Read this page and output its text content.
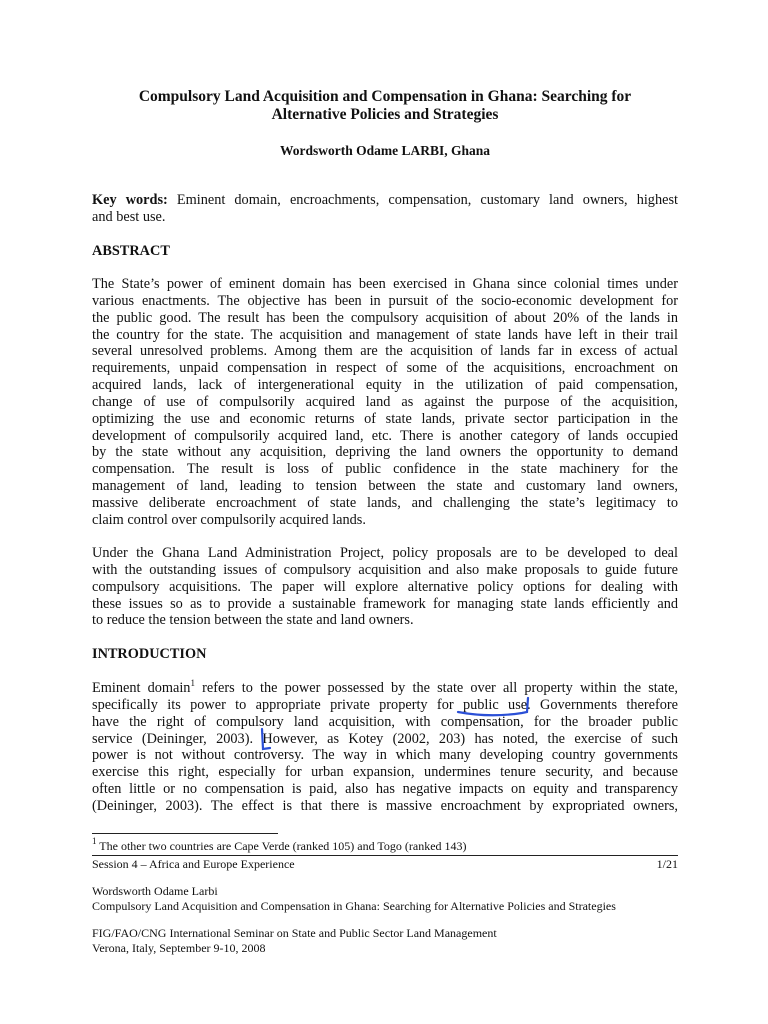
Compulsory Land Acquisition and Compensation in Ghana: Searching for
Alternative Policies and Strategies
Wordsworth Odame LARBI, Ghana
Key words: Eminent domain, encroachments, compensation, customary land owners, highest
and best use.
ABSTRACT
The State’s power of eminent domain has been exercised in Ghana since colonial times under
various enactments. The objective has been in pursuit of the socio-economic development for
the public good. The result has been the compulsory acquisition of about 20% of the lands in
the country for the state. The acquisition and management of state lands have left in their trail
several unresolved problems. Among them are the acquisition of lands far in excess of actual
requirements, unpaid compensation in respect of some of the acquisitions, encroachment on
acquired lands, lack of intergenerational equity in the utilization of paid compensation,
change of use of compulsorily acquired land as against the purpose of the acquisition,
optimizing the use and economic returns of state lands, private sector participation in the
development of compulsorily acquired land, etc. There is another category of lands occupied
by the state without any acquisition, depriving the land owners the opportunity to demand
compensation. The result is loss of public confidence in the state machinery for the
management of land, leading to tension between the state and customary land owners,
massive deliberate encroachment of state lands, and challenging the state’s legitimacy to
claim control over compulsorily acquired lands.
Under the Ghana Land Administration Project, policy proposals are to be developed to deal
with the outstanding issues of compulsory acquisition and also make proposals to guide future
compulsory acquisitions. The paper will explore alternative policy options for dealing with
these issues so as to provide a sustainable framework for managing state lands efficiently and
to reduce the tension between the state and land owners.
INTRODUCTION
Eminent domain$^1$ refers to the power possessed by the state over all property within the state,
specifically its power to appropriate private property for public use. Governments therefore
have the right of compulsory land acquisition, with compensation, for the broader public
service (Deininger, 2003). However, as Kotey (2002, 203) has noted, the exercise of such
power is not without controversy. The way in which many developing country governments
exercise this right, especially for urban expansion, undermines tenure security, and because
often little or no compensation is paid, also has negative impacts on equity and transparency
(Deininger, 2003). The effect is that there is massive encroachment by expropriated owners,
$^1$ The other two countries are Cape Verde (ranked 105) and Togo (ranked 143)
Session 4 – Africa and Europe Experience	1/21
Wordsworth Odame Larbi
Compulsory Land Acquisition and Compensation in Ghana: Searching for Alternative Policies and Strategies
FIG/FAO/CNG International Seminar on State and Public Sector Land Management
Verona, Italy, September 9-10, 2008
